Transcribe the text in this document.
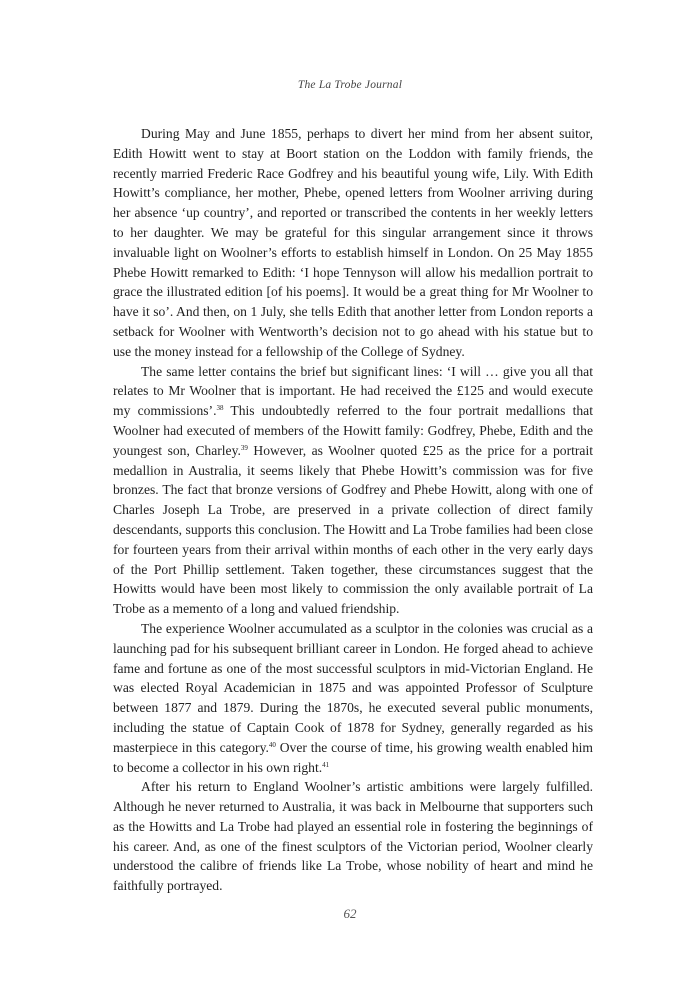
The La Trobe Journal

During May and June 1855, perhaps to divert her mind from her absent suitor, Edith Howitt went to stay at Boort station on the Loddon with family friends, the recently married Frederic Race Godfrey and his beautiful young wife, Lily. With Edith Howitt’s compliance, her mother, Phebe, opened letters from Woolner arriving during her absence ‘up country’, and reported or transcribed the contents in her weekly letters to her daughter. We may be grateful for this singular arrangement since it throws invaluable light on Woolner’s efforts to establish himself in London. On 25 May 1855 Phebe Howitt remarked to Edith: ‘I hope Tennyson will allow his medallion portrait to grace the illustrated edition [of his poems]. It would be a great thing for Mr Woolner to have it so’. And then, on 1 July, she tells Edith that another letter from London reports a setback for Woolner with Wentworth’s decision not to go ahead with his statue but to use the money instead for a fellowship of the College of Sydney.

The same letter contains the brief but significant lines: ‘I will … give you all that relates to Mr Woolner that is important. He had received the £125 and would execute my commissions’.$^{38}$ This undoubtedly referred to the four portrait medallions that Woolner had executed of members of the Howitt family: Godfrey, Phebe, Edith and the youngest son, Charley.$^{39}$ However, as Woolner quoted £25 as the price for a portrait medallion in Australia, it seems likely that Phebe Howitt’s commission was for five bronzes. The fact that bronze versions of Godfrey and Phebe Howitt, along with one of Charles Joseph La Trobe, are preserved in a private collection of direct family descendants, supports this conclusion. The Howitt and La Trobe families had been close for fourteen years from their arrival within months of each other in the very early days of the Port Phillip settlement. Taken together, these circumstances suggest that the Howitts would have been most likely to commission the only available portrait of La Trobe as a memento of a long and valued friendship.

The experience Woolner accumulated as a sculptor in the colonies was crucial as a launching pad for his subsequent brilliant career in London. He forged ahead to achieve fame and fortune as one of the most successful sculptors in mid-Victorian England. He was elected Royal Academician in 1875 and was appointed Professor of Sculpture between 1877 and 1879. During the 1870s, he executed several public monuments, including the statue of Captain Cook of 1878 for Sydney, generally regarded as his masterpiece in this category.$^{40}$ Over the course of time, his growing wealth enabled him to become a collector in his own right.$^{41}$

After his return to England Woolner’s artistic ambitions were largely fulfilled. Although he never returned to Australia, it was back in Melbourne that supporters such as the Howitts and La Trobe had played an essential role in fostering the beginnings of his career. And, as one of the finest sculptors of the Victorian period, Woolner clearly understood the calibre of friends like La Trobe, whose nobility of heart and mind he faithfully portrayed.

62
